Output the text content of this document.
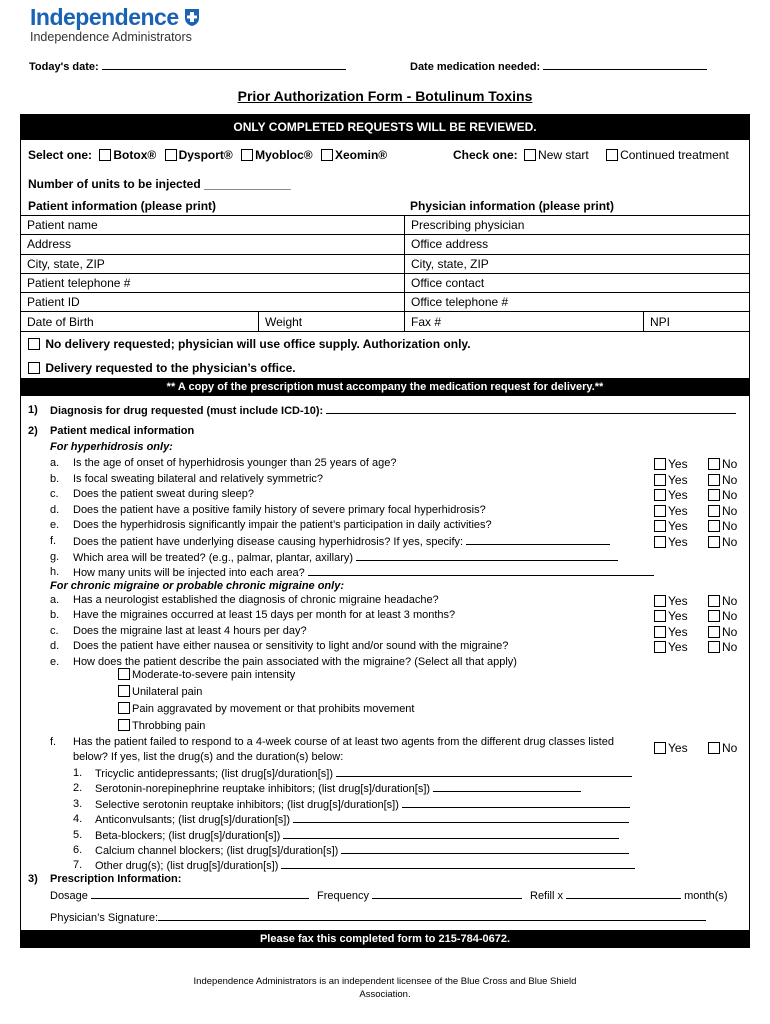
Independence
Independence Administrators
Today's date:	Date medication needed:
Prior Authorization Form - Botulinum Toxins
ONLY COMPLETED REQUESTS WILL BE REVIEWED.
Select one: Botox® Dysport® Myobloc® Xeomin®	Check one: New start	Continued treatment
Number of units to be injected _____________
Patient information (please print)	Physician information (please print)
Patient name		Prescribing physician	
Address		Office address	
City, state, ZIP		City, state, ZIP	
Patient telephone #		Office contact	
Patient ID		Office telephone #	
Date of Birth	Weight	Fax #	NPI
No delivery requested; physician will use office supply. Authorization only.
Delivery requested to the physician’s office.
** A copy of the prescription must accompany the medication request for delivery.**
1) Diagnosis for drug requested (must include ICD-10):
2) Patient medical information
For hyperhidrosis only:
a. Is the age of onset of hyperhidrosis younger than 25 years of age?	Yes	No
b. Is focal sweating bilateral and relatively symmetric?	Yes	No
c. Does the patient sweat during sleep?	Yes	No
d. Does the patient have a positive family history of severe primary focal hyperhidrosis?	Yes	No
e. Does the hyperhidrosis significantly impair the patient’s participation in daily activities?	Yes	No
f. Does the patient have underlying disease causing hyperhidrosis? If yes, specify:	Yes	No
g. Which area will be treated? (e.g., palmar, plantar, axillary)
h. How many units will be injected into each area?
For chronic migraine or probable chronic migraine only:
a. Has a neurologist established the diagnosis of chronic migraine headache?	Yes	No
b. Have the migraines occurred at least 15 days per month for at least 3 months?	Yes	No
c. Does the migraine last at least 4 hours per day?	Yes	No
d. Does the patient have either nausea or sensitivity to light and/or sound with the migraine?	Yes	No
e. How does the patient describe the pain associated with the migraine? (Select all that apply)
Moderate-to-severe pain intensity
Unilateral pain
Pain aggravated by movement or that prohibits movement
Throbbing pain
f. Has the patient failed to respond to a 4-week course of at least two agents from the different drug classes listed
below? If yes, list the drug(s) and the duration(s) below:
Yes	No
1. Tricyclic antidepressants; (list drug[s]/duration[s])
2. Serotonin-norepinephrine reuptake inhibitors; (list drug[s]/duration[s])
3. Selective serotonin reuptake inhibitors; (list drug[s]/duration[s])
4. Anticonvulsants; (list drug[s]/duration[s])
5. Beta-blockers; (list drug[s]/duration[s])
6. Calcium channel blockers; (list drug[s]/duration[s])
7. Other drug(s); (list drug[s]/duration[s])
3) Prescription Information:
Dosage	Frequency	Refill x	month(s)
Physician’s Signature:
Please fax this completed form to 215-784-0672.
Independence Administrators is an independent licensee of the Blue Cross and Blue Shield
Association.
